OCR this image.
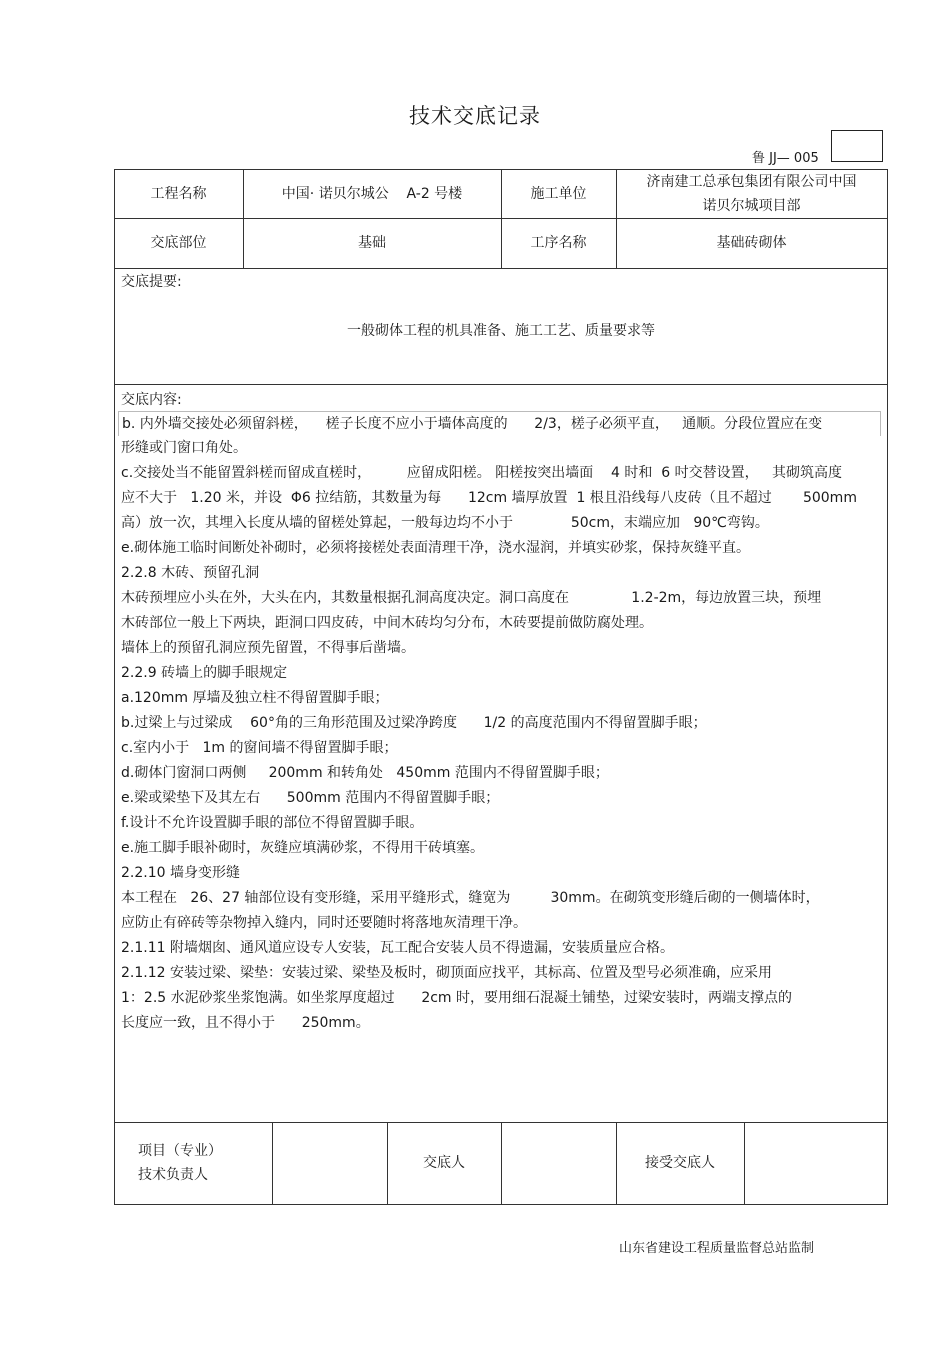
技术交底记录
鲁 JJ— 005
工程名称	中国· 诺贝尔城公    A-2 号楼	施工单位
济南建工总承包集团有限公司中国
诺贝尔城项目部
交底部位	基础	工序名称	基础砖砌体
交底提要:
一般砌体工程的机具准备、施工工艺、质量要求等
交底内容:

b. 内外墙交接处必须留斜槎，    槎子长度不应小于墙体高度的      2/3，槎子必须平直，   通顺。分段位置应在变

形缝或门窗口角处。

c.交接处当不能留置斜槎而留成直槎时，        应留成阳槎。 阳槎按突出墙面    4 时和  6 吋交替设置，   其砌筑高度

应不大于   1.20 米，并设  Φ6 拉结筋，其数量为每      12cm 墙厚放置  1 根且沿线每八皮砖（且不超过       500mm

高）放一次，其埋入长度从墙的留槎处算起，一般每边均不小于             50cm，末端应加   90℃弯钩。

e.砌体施工临时间断处补砌时，必须将接槎处表面清理干净，浇水湿润，并填实砂浆，保持灰缝平直。

2.2.8 木砖、预留孔洞

木砖预埋应小头在外，大头在内，其数量根据孔洞高度决定。洞口高度在              1.2-2m，每边放置三块，预埋

木砖部位一般上下两块，距洞口四皮砖，中间木砖均匀分布，木砖要提前做防腐处理。

墙体上的预留孔洞应预先留置，不得事后凿墙。

2.2.9 砖墙上的脚手眼规定

a.120mm 厚墙及独立柱不得留置脚手眼；

b.过梁上与过梁成    60°角的三角形范围及过梁净跨度      1/2 的高度范围内不得留置脚手眼；

c.室内小于   1m 的窗间墙不得留置脚手眼；

d.砌体门窗洞口两侧     200mm 和转角处   450mm 范围内不得留置脚手眼；

e.梁或梁垫下及其左右      500mm 范围内不得留置脚手眼；

f.设计不允许设置脚手眼的部位不得留置脚手眼。

e.施工脚手眼补砌时，灰缝应填满砂浆，不得用干砖填塞。

2.2.10 墙身变形缝

本工程在   26、27 轴部位设有变形缝，采用平缝形式，缝宽为         30mm。在砌筑变形缝后砌的一侧墙体时，

应防止有碎砖等杂物掉入缝内，同时还要随时将落地灰清理干净。

2.1.11 附墙烟囱、通风道应设专人安装，瓦工配合安装人员不得遗漏，安装质量应合格。

2.1.12 安装过梁、梁垫：安装过梁、梁垫及板时，砌顶面应找平，其标高、位置及型号必须准确，应采用

1：2.5 水泥砂浆坐浆饱满。如坐浆厚度超过      2cm 时，要用细石混凝土铺垫，过梁安装时，两端支撑点的

长度应一致，且不得小于      250mm。

项目（专业）
技术负责人
交底人	接受交底人
山东省建设工程质量监督总站监制
